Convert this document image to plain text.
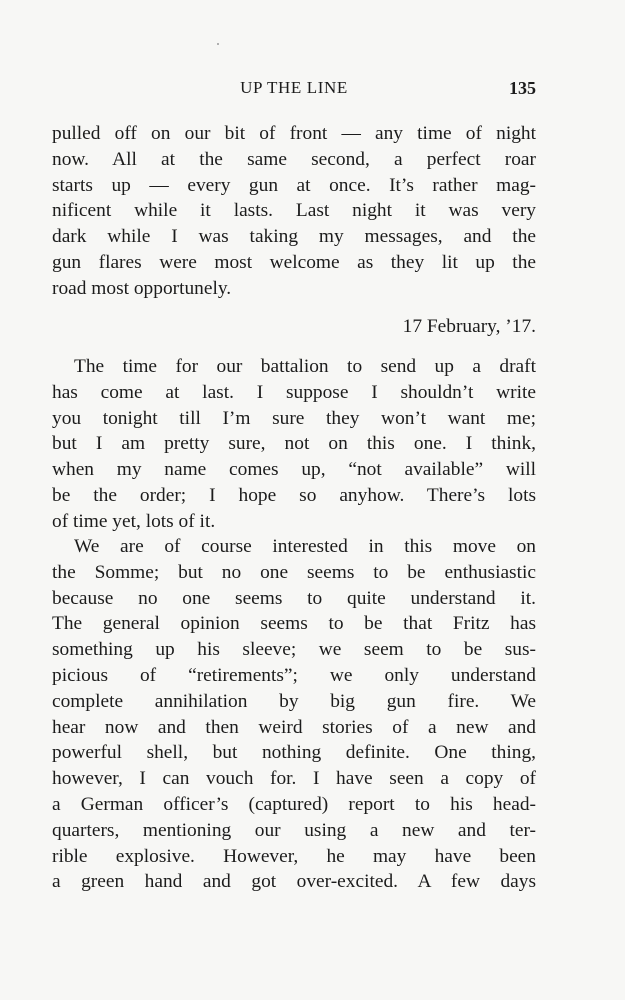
UP THE LINE	135
pulled off on our bit of front — any time of night
now. All at the same second, a perfect roar
starts up — every gun at once. It’s rather mag-
nificent while it lasts. Last night it was very
dark while I was taking my messages, and the
gun flares were most welcome as they lit up the
road most opportunely.
17 February, ’17.
The time for our battalion to send up a draft
has come at last. I suppose I shouldn’t write
you tonight till I’m sure they won’t want me;
but I am pretty sure, not on this one. I think,
when my name comes up, “not available” will
be the order; I hope so anyhow. There’s lots
of time yet, lots of it.
We are of course interested in this move on
the Somme; but no one seems to be enthusiastic
because no one seems to quite understand it.
The general opinion seems to be that Fritz has
something up his sleeve; we seem to be sus-
picious of “retirements”; we only understand
complete annihilation by big gun fire. We
hear now and then weird stories of a new and
powerful shell, but nothing definite. One thing,
however, I can vouch for. I have seen a copy of
a German officer’s (captured) report to his head-
quarters, mentioning our using a new and ter-
rible explosive. However, he may have been
a green hand and got over-excited. A few days
